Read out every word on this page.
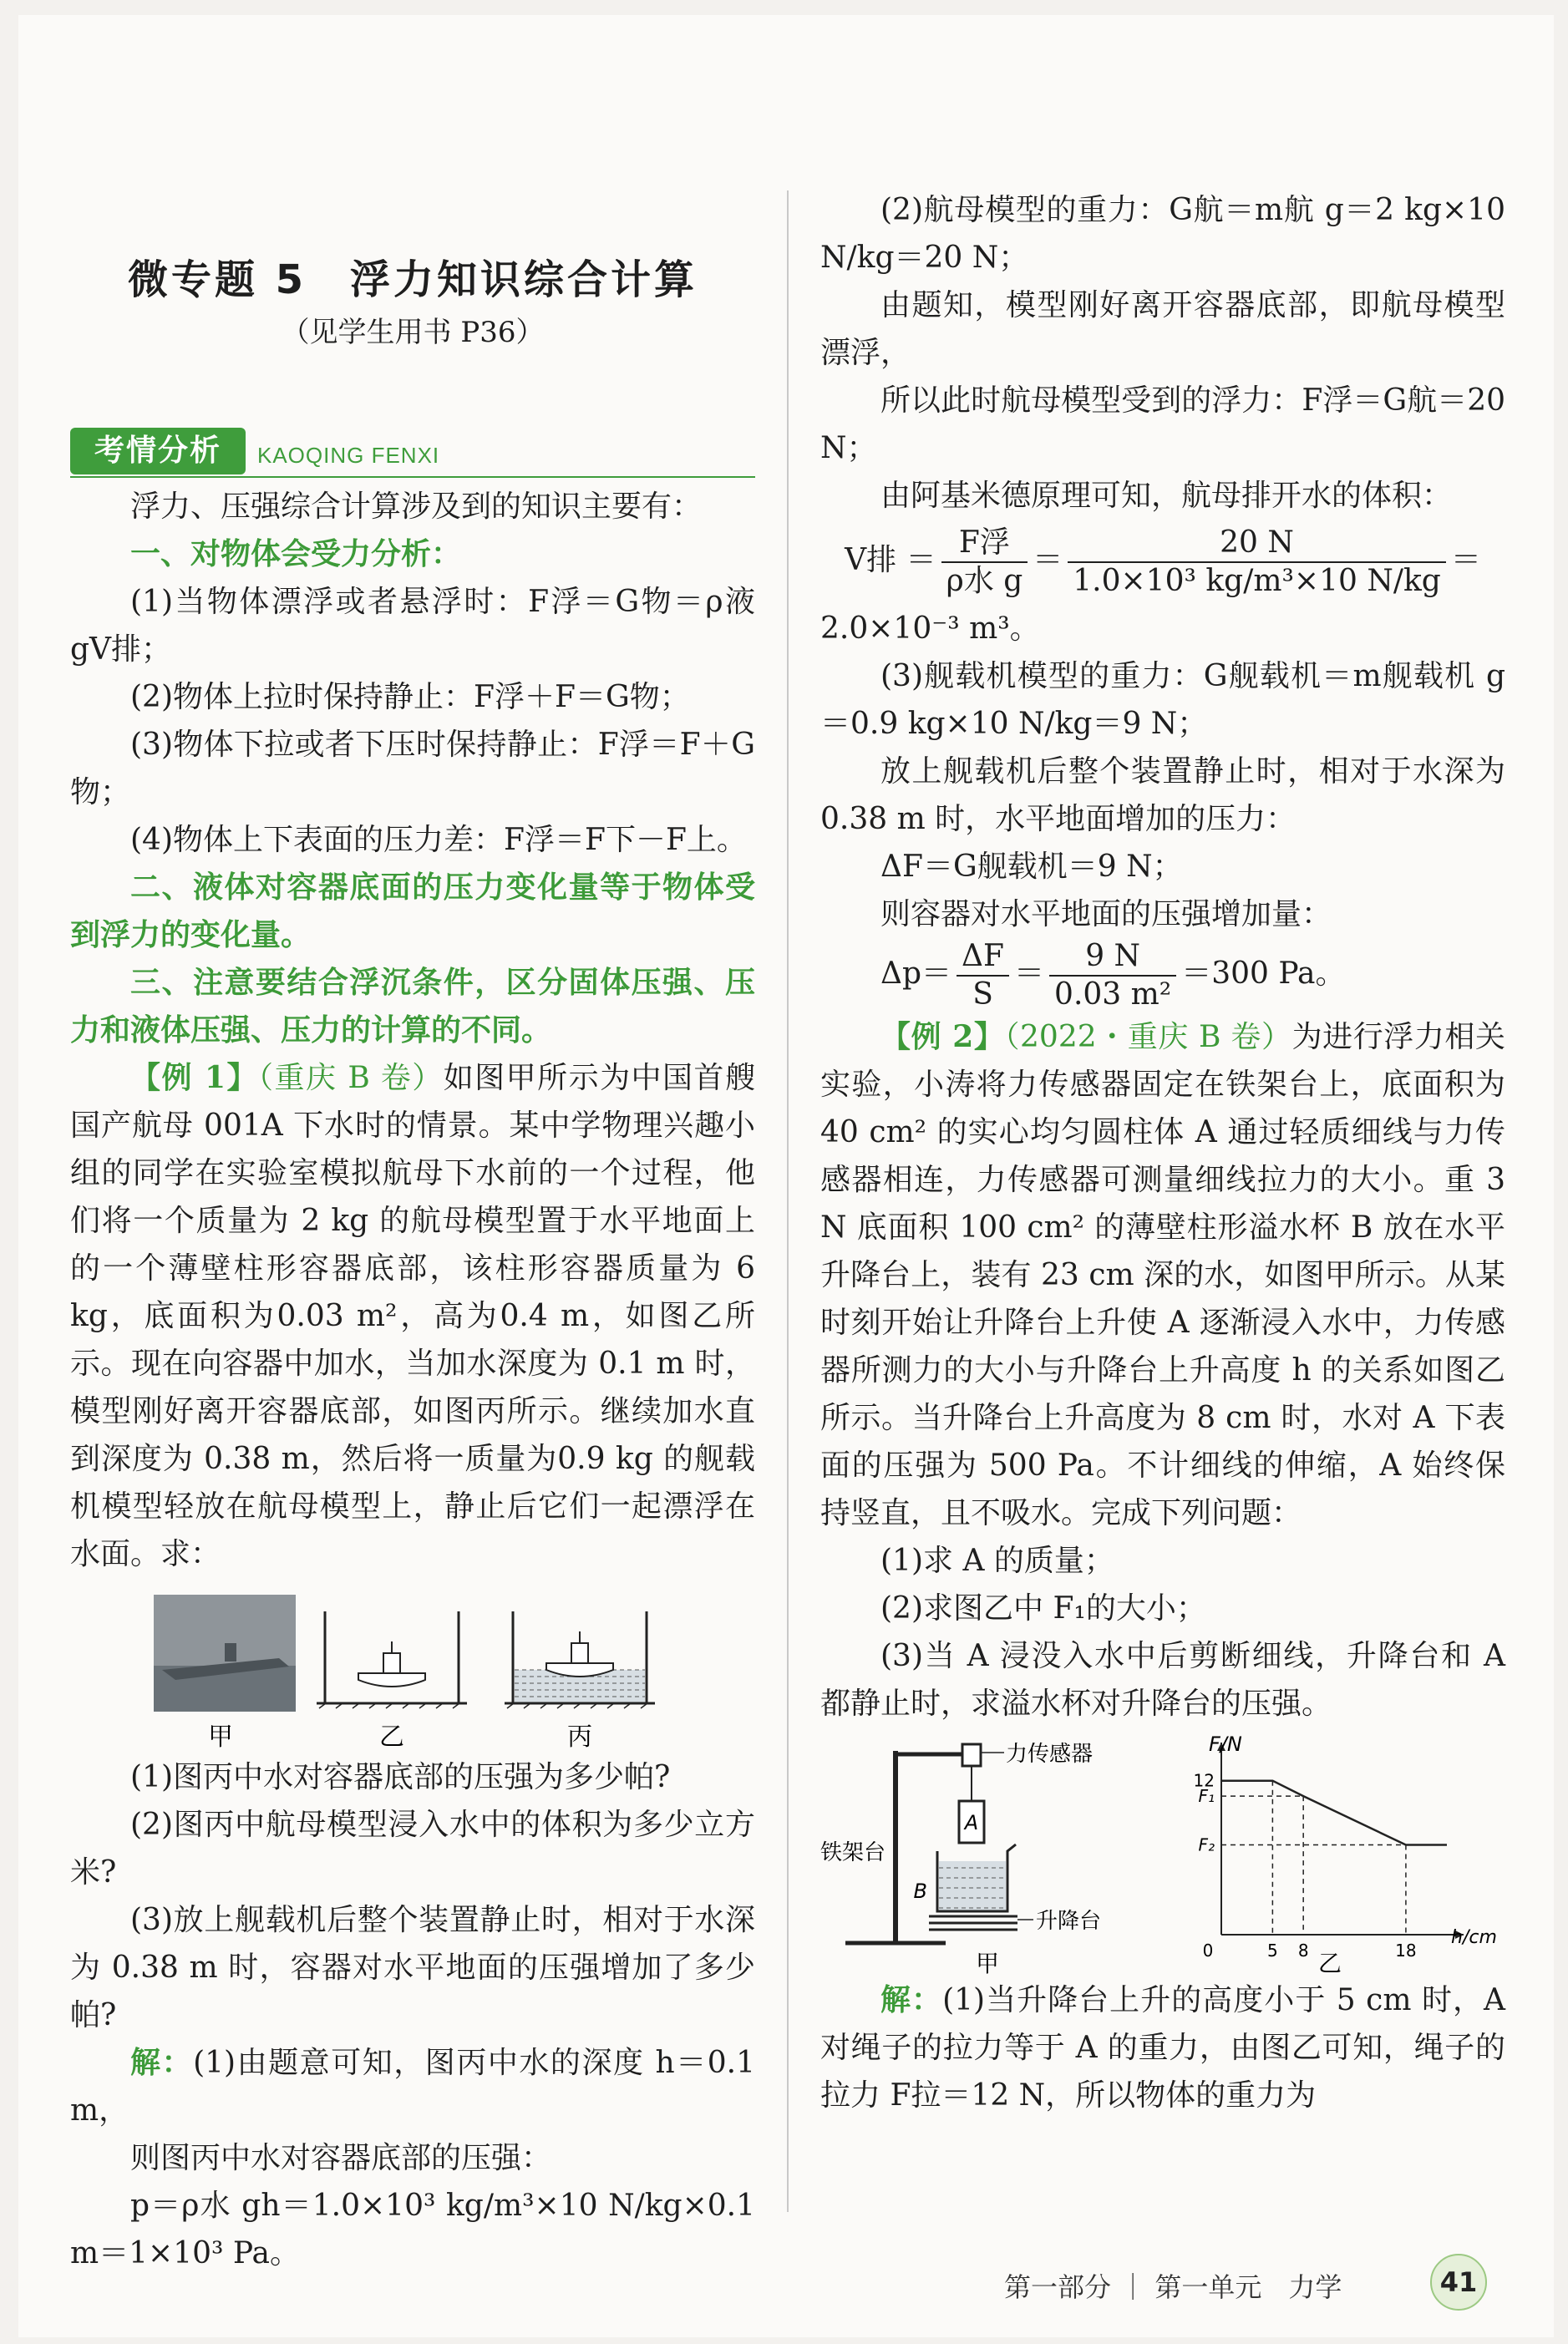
微专题 5　浮力知识综合计算
（见学生用书 P36）
考情分析	KAOQING FENXI

浮力、压强综合计算涉及到的知识主要有：

一、对物体会受力分析：

(1)当物体漂浮或者悬浮时：F浮＝G物＝ρ液 gV排；

(2)物体上拉时保持静止：F浮＋F＝G物；

(3)物体下拉或者下压时保持静止：F浮＝F＋G物；

(4)物体上下表面的压力差：F浮＝F下－F上。

二、液体对容器底面的压力变化量等于物体受到浮力的变化量。

三、注意要结合浮沉条件，区分固体压强、压力和液体压强、压力的计算的不同。

【例 1】（重庆 B 卷）如图甲所示为中国首艘国产航母 001A 下水时的情景。某中学物理兴趣小组的同学在实验室模拟航母下水前的一个过程，他们将一个质量为 2 kg 的航母模型置于水平地面上的一个薄壁柱形容器底部，该柱形容器质量为 6 kg，底面积为0.03 m²，高为0.4 m，如图乙所示。现在向容器中加水，当加水深度为 0.1 m 时，模型刚好离开容器底部，如图丙所示。继续加水直到深度为 0.38 m，然后将一质量为0.9 kg 的舰载机模型轻放在航母模型上，静止后它们一起漂浮在水面。求：

甲	乙	丙

(1)图丙中水对容器底部的压强为多少帕?

(2)图丙中航母模型浸入水中的体积为多少立方米?

(3)放上舰载机后整个装置静止时，相对于水深为 0.38 m 时，容器对水平地面的压强增加了多少帕?

解：(1)由题意可知，图丙中水的深度 h＝0.1 m，

则图丙中水对容器底部的压强：

p＝ρ水 gh＝1.0×10³ kg/m³×10 N/kg×0.1 m＝1×10³ Pa。

(2)航母模型的重力：G航＝m航 g＝2 kg×10 N/kg＝20 N；

由题知，模型刚好离开容器底部，即航母模型漂浮，

所以此时航母模型受到的浮力：F浮＝G航＝20 N；

由阿基米德原理可知，航母排开水的体积：

V排 ＝ $\frac{\text{F浮}}{\text{ρ水 g}} = \frac{20 N}{\text{1.0×10³ kg/m³×10 N/kg}}$ ＝

2.0×10⁻³ m³。

(3)舰载机模型的重力：G舰载机＝m舰载机 g＝0.9 kg×10 N/kg＝9 N；

放上舰载机后整个装置静止时，相对于水深为0.38 m 时，水平地面增加的压力：

ΔF＝G舰载机＝9 N；

则容器对水平地面的压强增加量：

$\Delta p= \frac{\Delta F}{S} = \frac{9 N}{\text{0.03 m²}} =300$ Pa。

【例 2】（2022・重庆 B 卷）为进行浮力相关实验，小涛将力传感器固定在铁架台上，底面积为 40 cm² 的实心均匀圆柱体 A 通过轻质细线与力传感器相连，力传感器可测量细线拉力的大小。重 3 N 底面积 100 cm² 的薄壁柱形溢水杯 B 放在水平升降台上，装有 23 cm 深的水，如图甲所示。从某时刻开始让升降台上升使 A 逐渐浸入水中，力传感器所测力的大小与升降台上升高度 h 的关系如图乙所示。当升降台上升高度为 8 cm 时，水对 A 下表面的压强为 500 Pa。不计细线的伸缩，A 始终保持竖直，且不吸水。完成下列问题：

(1)求 A 的质量；

(2)求图乙中 F₁的大小；

(3)当 A 浸没入水中后剪断细线，升降台和 A 都静止时，求溢水杯对升降台的压强。

力传感器
A
B
升降台
铁架台
甲	0	5 8	18
12
F₁
F₂
F/N
h/cm
乙

解：(1)当升降台上升的高度小于 5 cm 时，A 对绳子的拉力等于 A 的重力，由图乙可知，绳子的拉力 F拉＝12 N，所以物体的重力为

第一部分 ｜ 第一单元　力学	41
